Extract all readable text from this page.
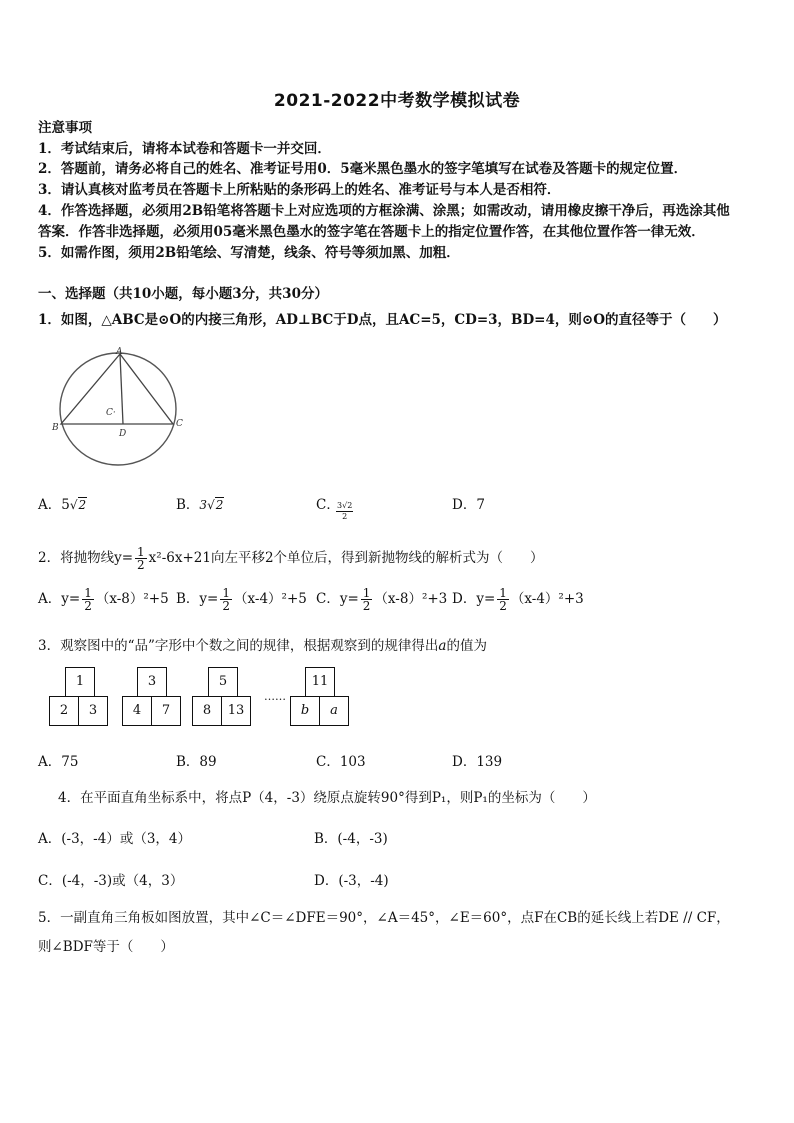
2021-2022中考数学模拟试卷
注意事项
1．考试结束后，请将本试卷和答题卡一并交回．
2．答题前，请务必将自己的姓名、准考证号用0．5毫米黑色墨水的签字笔填写在试卷及答题卡的规定位置．
3．请认真核对监考员在答题卡上所粘贴的条形码上的姓名、准考证号与本人是否相符．
4．作答选择题，必须用2B铅笔将答题卡上对应选项的方框涂满、涂黑；如需改动，请用橡皮擦干净后，再选涂其他
答案．作答非选择题，必须用05毫米黑色墨水的签字笔在答题卡上的指定位置作答，在其他位置作答一律无效．
5．如需作图，须用2B铅笔绘、写清楚，线条、符号等须加黑、加粗．
一、选择题（共10小题，每小题3分，共30分）
1．如图，△ABC是⊙O的内接三角形，AD⊥BC于D点，且AC=5，CD=3，BD=4，则⊙O的直径等于（　　）
A
B	C
D
C·
A．5√2	B．3√2	C．
$\frac{3√2}{2}$	D．7
2．将抛物线$y= \frac{1}{2} x^2-6x+21$向左平移2个单位后，得到新抛物线的解析式为（　　）
A．$y= \frac{1}{2} (x-8)^2+5$ B．$y= \frac{1}{2} (x-4)^2+5$ C．$y= \frac{1}{2} (x-8)^2+3$ D．$y= \frac{1}{2} (x-4)^2+3$
3．观察图中的“品”字形中个数之间的规律，根据观察到的规律得出a的值为
1
2	3
3
4	7
5
8	13
……
11
b	a
A．75	B．89	C．103	D．139
4．在平面直角坐标系中，将点P（4，-3）绕原点旋转90°得到P₁，则P₁的坐标为（　　）
A．(-3，-4）或（3，4）	B．(-4，-3)
C．(-4，-3)或（4，3）	D．(-3，-4)
5．一副直角三角板如图放置，其中∠C＝∠DFE＝90°，∠A＝45°，∠E＝60°，点F在CB的延长线上若DE // CF，
则∠BDF等于（　　）
